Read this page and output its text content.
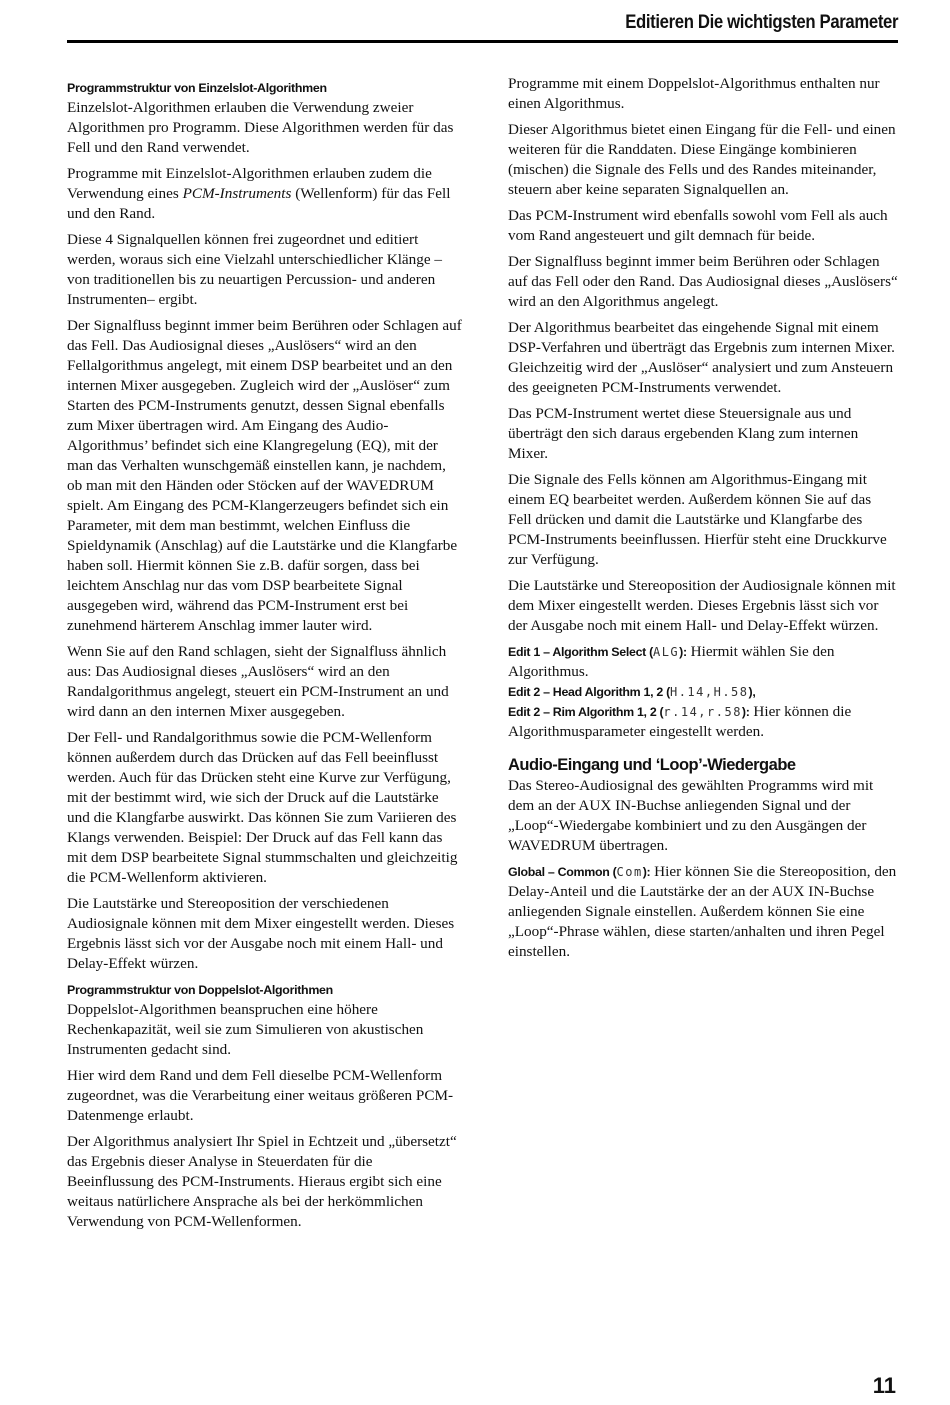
Editieren Die wichtigsten Parameter
Programmstruktur von Einzelslot-Algorithmen

Einzelslot-Algorithmen erlauben die Verwendung zweier Algorithmen pro Programm. Diese Algorithmen werden für das Fell und den Rand verwendet.

Programme mit Einzelslot-Algorithmen erlauben zudem die Verwendung eines PCM-Instruments (Wellenform) für das Fell und den Rand.

Diese 4 Signalquellen können frei zugeordnet und editiert werden, woraus sich eine Vielzahl unterschiedlicher Klänge –von traditionellen bis zu neuartigen Percussion- und anderen Instrumenten– ergibt.

Der Signalfluss beginnt immer beim Berühren oder Schlagen auf das Fell. Das Audiosignal dieses „Auslösers“ wird an den Fellalgorithmus angelegt, mit einem DSP bearbeitet und an den internen Mixer ausgegeben. Zugleich wird der „Auslöser“ zum Starten des PCM-Instruments genutzt, dessen Signal ebenfalls zum Mixer übertragen wird. Am Eingang des Audio-Algorithmus’ befindet sich eine Klangregelung (EQ), mit der man das Verhalten wunschgemäß einstellen kann, je nachdem, ob man mit den Händen oder Stöcken auf der WAVEDRUM spielt. Am Eingang des PCM-Klangerzeugers befindet sich ein Parameter, mit dem man bestimmt, welchen Einfluss die Spieldynamik (Anschlag) auf die Lautstärke und die Klangfarbe haben soll. Hiermit können Sie z.B. dafür sorgen, dass bei leichtem Anschlag nur das vom DSP bearbeitete Signal ausgegeben wird, während das PCM-Instrument erst bei zunehmend härterem Anschlag immer lauter wird.

Wenn Sie auf den Rand schlagen, sieht der Signalfluss ähnlich aus: Das Audiosignal dieses „Auslösers“ wird an den Randalgorithmus angelegt, steuert ein PCM-Instrument an und wird dann an den internen Mixer ausgegeben.

Der Fell- und Randalgorithmus sowie die PCM-Wellenform können außerdem durch das Drücken auf das Fell beeinflusst werden. Auch für das Drücken steht eine Kurve zur Verfügung, mit der bestimmt wird, wie sich der Druck auf die Lautstärke und die Klangfarbe auswirkt. Das können Sie zum Variieren des Klangs verwenden. Beispiel: Der Druck auf das Fell kann das mit dem DSP bearbeitete Signal stummschalten und gleichzeitig die PCM-Wellenform aktivieren.

Die Lautstärke und Stereoposition der verschiedenen Audiosignale können mit dem Mixer eingestellt werden. Dieses Ergebnis lässt sich vor der Ausgabe noch mit einem Hall- und Delay-Effekt würzen.

Programmstruktur von Doppelslot-Algorithmen

Doppelslot-Algorithmen beanspruchen eine höhere Rechenkapazität, weil sie zum Simulieren von akustischen Instrumenten gedacht sind.

Hier wird dem Rand und dem Fell dieselbe PCM-Wellenform zugeordnet, was die Verarbeitung einer weitaus größeren PCM-Datenmenge erlaubt.

Der Algorithmus analysiert Ihr Spiel in Echtzeit und „übersetzt“ das Ergebnis dieser Analyse in Steuerdaten für die Beeinflussung des PCM-Instruments. Hieraus ergibt sich eine weitaus natürlichere Ansprache als bei der herkömmlichen Verwendung von PCM-Wellenformen.

Programme mit einem Doppelslot-Algorithmus enthalten nur einen Algorithmus.

Dieser Algorithmus bietet einen Eingang für die Fell- und einen weiteren für die Randdaten. Diese Eingänge kombinieren (mischen) die Signale des Fells und des Randes miteinander, steuern aber keine separaten Signalquellen an.

Das PCM-Instrument wird ebenfalls sowohl vom Fell als auch vom Rand angesteuert und gilt demnach für beide.

Der Signalfluss beginnt immer beim Berühren oder Schlagen auf das Fell oder den Rand. Das Audiosignal dieses „Auslösers“ wird an den Algorithmus angelegt.

Der Algorithmus bearbeitet das eingehende Signal mit einem DSP-Verfahren und überträgt das Ergebnis zum internen Mixer. Gleichzeitig wird der „Auslöser“ analysiert und zum Ansteuern des geeigneten PCM-Instruments verwendet.

Das PCM-Instrument wertet diese Steuersignale aus und überträgt den sich daraus ergebenden Klang zum internen Mixer.

Die Signale des Fells können am Algorithmus-Eingang mit einem EQ bearbeitet werden. Außerdem können Sie auf das Fell drücken und damit die Lautstärke und Klangfarbe des PCM-Instruments beeinflussen. Hierfür steht eine Druckkurve zur Verfügung.

Die Lautstärke und Stereoposition der Audiosignale können mit dem Mixer eingestellt werden. Dieses Ergebnis lässt sich vor der Ausgabe noch mit einem Hall- und Delay-Effekt würzen.

Edit 1 – Algorithm Select (ALG): Hiermit wählen Sie den Algorithmus.

Edit 2 – Head Algorithm 1, 2 (H.14,H.58),

Edit 2 – Rim Algorithm 1, 2 (r.14,r.58): Hier können die Algorithmusparameter eingestellt werden.

Audio-Eingang und ‘Loop’-Wiedergabe

Das Stereo-Audiosignal des gewählten Programms wird mit dem an der AUX IN-Buchse anliegenden Signal und der „Loop“-Wiedergabe kombiniert und zu den Ausgängen der WAVEDRUM übertragen.

Global – Common (Com): Hier können Sie die Stereoposition, den Delay-Anteil und die Lautstärke der an der AUX IN-Buchse anliegenden Signale einstellen. Außerdem können Sie eine „Loop“-Phrase wählen, diese starten/anhalten und ihren Pegel einstellen.

11
